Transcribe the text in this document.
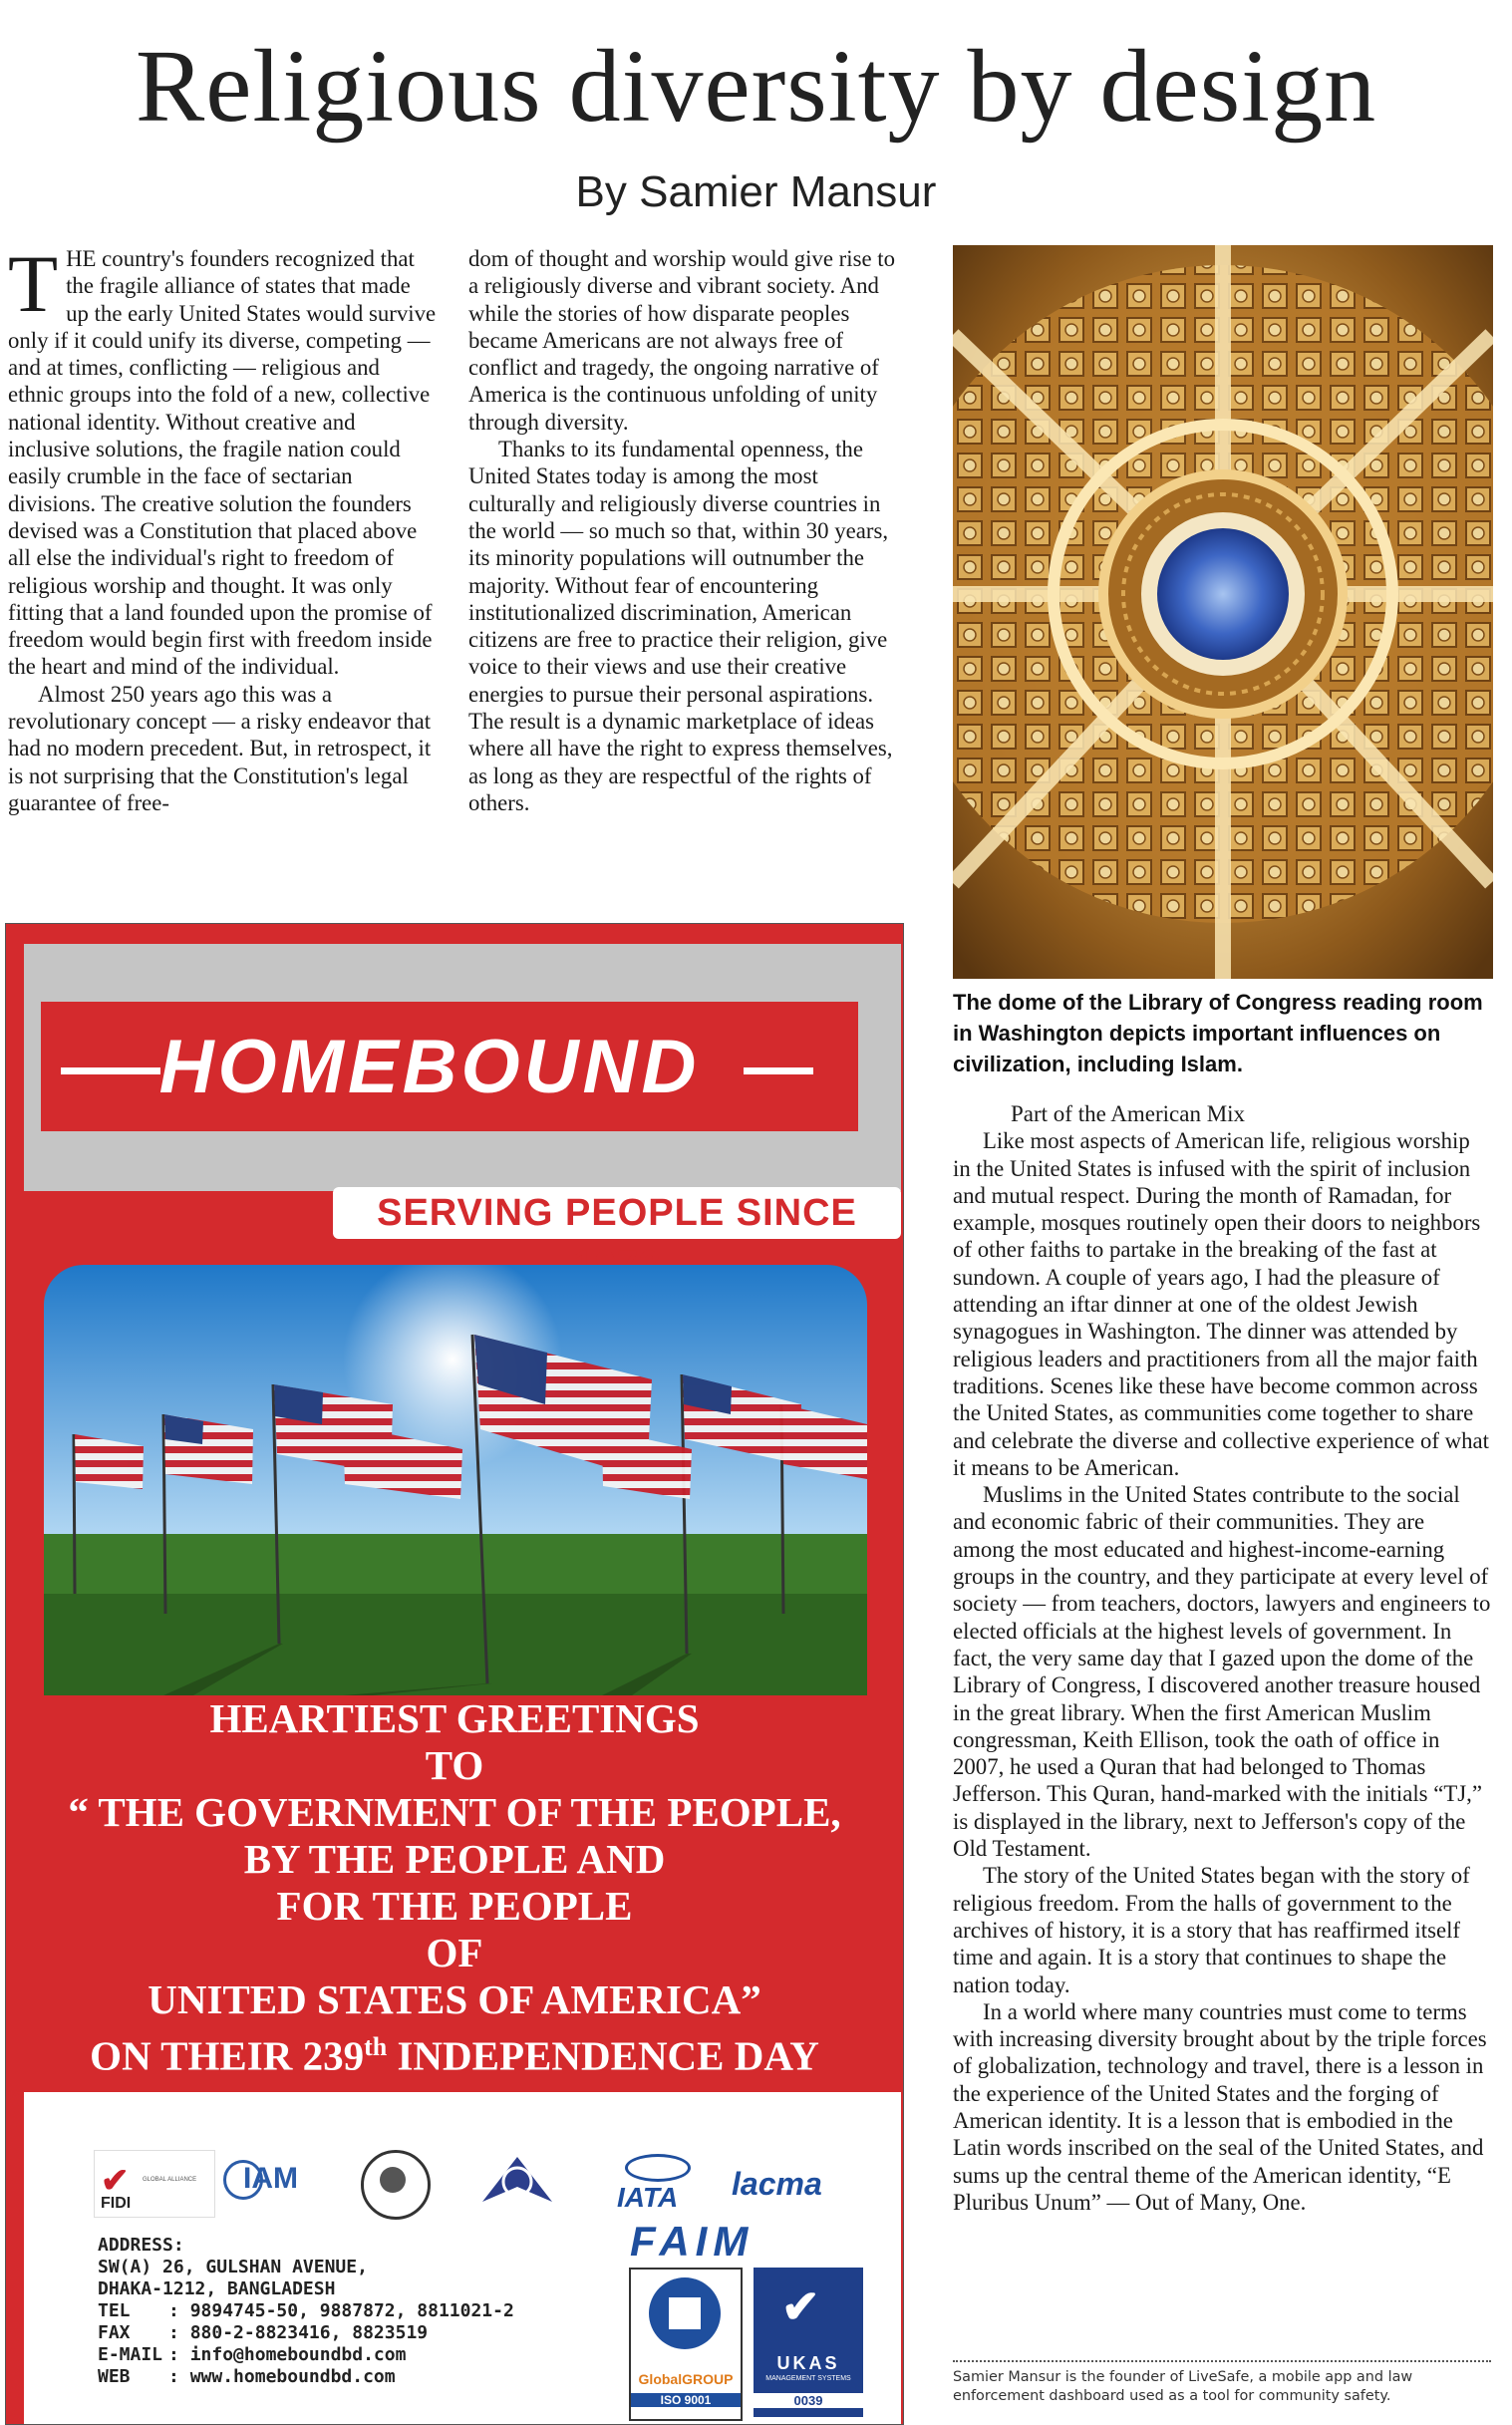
Religious diversity by design
By Samier Mansur

THE country's founders recognized that the fragile alliance of states that made up the early United States would survive only if it could unify its diverse, competing — and at times, conflicting — religious and ethnic groups into the fold of a new, collective national identity. Without creative and inclusive solutions, the fragile nation could easily crumble in the face of sectarian divisions. The creative solution the founders devised was a Constitution that placed above all else the individual's right to freedom of religious worship and thought. It was only fitting that a land founded upon the promise of freedom would begin first with freedom inside the heart and mind of the individual.

Almost 250 years ago this was a revolutionary concept — a risky endeavor that had no modern precedent. But, in retrospect, it is not surprising that the Constitution's legal guarantee of free-

dom of thought and worship would give rise to a religiously diverse and vibrant society. And while the stories of how disparate peoples became Americans are not always free of conflict and tragedy, the ongoing narrative of America is the continuous unfolding of unity through diversity.

Thanks to its fundamental openness, the United States today is among the most culturally and religiously diverse countries in the world — so much so that, within 30 years, its minority populations will outnumber the majority. Without fear of encountering institutionalized discrimination, American citizens are free to practice their religion, give voice to their views and use their creative energies to pursue their personal aspirations. The result is a dynamic marketplace of ideas where all have the right to express themselves, as long as they are respectful of the rights of others.

The dome of the Library of Congress reading room in Washington depicts important influences on civilization, including Islam.

Part of the American Mix

Like most aspects of American life, religious worship in the United States is infused with the spirit of inclusion and mutual respect. During the month of Ramadan, for example, mosques routinely open their doors to neighbors of other faiths to partake in the breaking of the fast at sundown. A couple of years ago, I had the pleasure of attending an iftar dinner at one of the oldest Jewish synagogues in Washington. The dinner was attended by religious leaders and practitioners from all the major faith traditions. Scenes like these have become common across the United States, as communities come together to share and celebrate the diverse and collective experience of what it means to be American.

Muslims in the United States contribute to the social and economic fabric of their communities. They are among the most educated and highest-income-earning groups in the country, and they participate at every level of society — from teachers, doctors, lawyers and engineers to elected officials at the highest levels of government. In fact, the very same day that I gazed upon the dome of the Library of Congress, I discovered another treasure housed in the great library. When the first American Muslim congressman, Keith Ellison, took the oath of office in 2007, he used a Quran that had belonged to Thomas Jefferson. This Quran, hand-marked with the initials “TJ,” is displayed in the library, next to Jefferson's copy of the Old Testament.

The story of the United States began with the story of religious freedom. From the halls of government to the archives of history, it is a story that has reaffirmed itself time and again. It is a story that continues to shape the nation today.

In a world where many countries must come to terms with increasing diversity brought about by the triple forces of globalization, technology and travel, there is a lesson in the experience of the United States and the forging of American identity. It is a lesson that is embodied in the Latin words inscribed on the seal of the United States, and sums up the central theme of the American identity, “E Pluribus Unum” — Out of Many, One.

Samier Mansur is the founder of LiveSafe, a mobile app and law enforcement dashboard used as a tool for community safety.
HOMEBOUND
SERVING PEOPLE SINCE
HEARTIEST GREETINGS
TO
“ THE GOVERNMENT OF THE PEOPLE,
BY THE PEOPLE AND
FOR THE PEOPLE
OF
UNITED STATES OF AMERICA”
ON THEIR 239th INDEPENDENCE DAY
✔
FIDI
GLOBAL ALLIANCE IAM
IATA lacma
FAIM
GlobalGROUP
ISO 9001
✔
UKAS
MANAGEMENT SYSTEMS
0039
ADDRESS:
SW(A) 26, GULSHAN AVENUE,
DHAKA-1212, BANGLADESH
TEL	: 9894745-50, 9887872, 8811021-2
FAX	: 880-2-8823416, 8823519
E-MAIL	: info@homeboundbd.com
WEB	: www.homeboundbd.com
